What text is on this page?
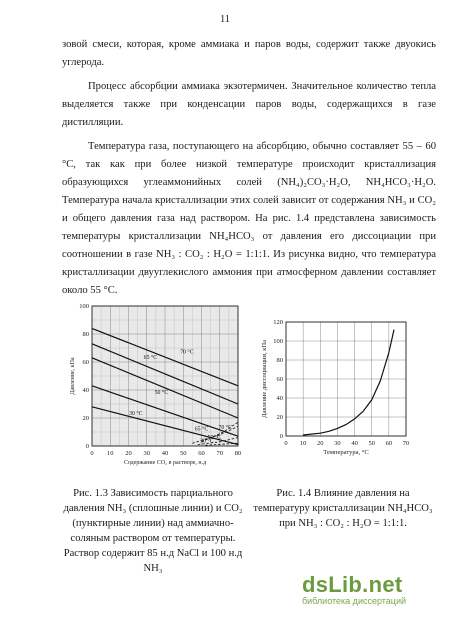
11

зовой смеси, которая, кроме аммиака и паров воды, содержит также двуокись углерода.

Процесс абсорбции аммиака экзотермичен. Значительное количество тепла выделяется также при конденсации паров воды, содержащихся в газе дистилляции.

Температура газа, поступающего на абсорбцию, обычно составляет 55 – 60 °С, так как при более низкой температуре происходит кристаллизация образующихся углеаммонийных солей (NH₄)₂CO₃·H₂O, NH₄HCO₃·H₂O. Температура начала кристаллизации этих солей зависит от содержания NH₃ и CO₂ и общего давления газа над раствором. На рис. 1.4 представлена зависимость температуры кристаллизации NH₄HCO₃ от давления его диссоциации при соотношении в газе NH₃ : CO₂ : H₂O = 1:1:1. Из рисунка видно, что температура кристаллизации двууглекислого аммония при атмосферном давлении составляет около 55 °С.

0 10 20 30 40 50 60 70 80
0
20
40
60
80
100
Содержание CO₂ в растворе, н.д
Давление, кПа
70 °С
65 °С
50 °С
30 °С
65 °С 70 °С
50 °С
30 °С	0 10 20 30 40 50 60 70
0
20
40
60
80
100
120
Температура, °С
Давление диссоциации, кПа
Рис. 1.3 Зависимость парциального давления NH₃ (сплошные линии) и CO₂ (пунктирные линии) над аммиачно-соляным раствором от температуры. Раствор содержит 85 н.д NaCl и 100 н.д NH₃
Рис. 1.4 Влияние давления на температуру кристаллизации NH₄HCO₃ при NH₃ : CO₂ : H₂O = 1:1:1.
dsLib.net
библиотека диссертаций
